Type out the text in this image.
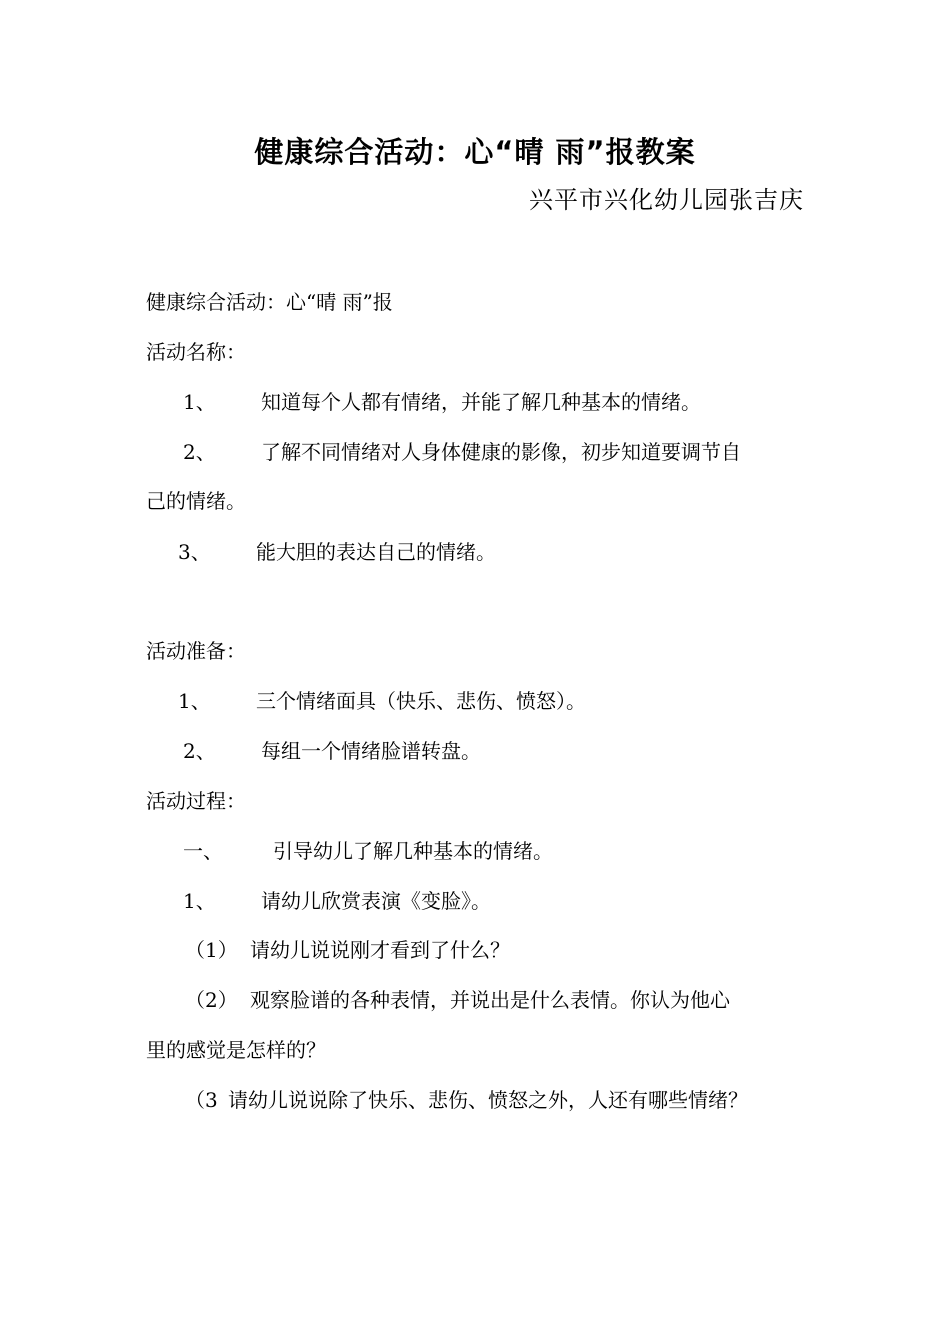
健康综合活动：心“晴 雨”报教案
兴平市兴化幼儿园张吉庆
健康综合活动：心“晴 雨”报
活动名称：
1、 知道每个人都有情绪，并能了解几种基本的情绪。
2、 了解不同情绪对人身体健康的影像，初步知道要调节自
己的情绪。
3、 能大胆的表达自己的情绪。
活动准备：
1、 三个情绪面具（快乐、悲伤、愤怒）。
2、 每组一个情绪脸谱转盘。
活动过程：
一、	引导幼儿了解几种基本的情绪。
1、 请幼儿欣赏表演《变脸》。
（1） 请幼儿说说刚才看到了什么？
（2） 观察脸谱的各种表情，并说出是什么表情。你认为他心
里的感觉是怎样的？
（3 请幼儿说说除了快乐、悲伤、愤怒之外，人还有哪些情绪？
